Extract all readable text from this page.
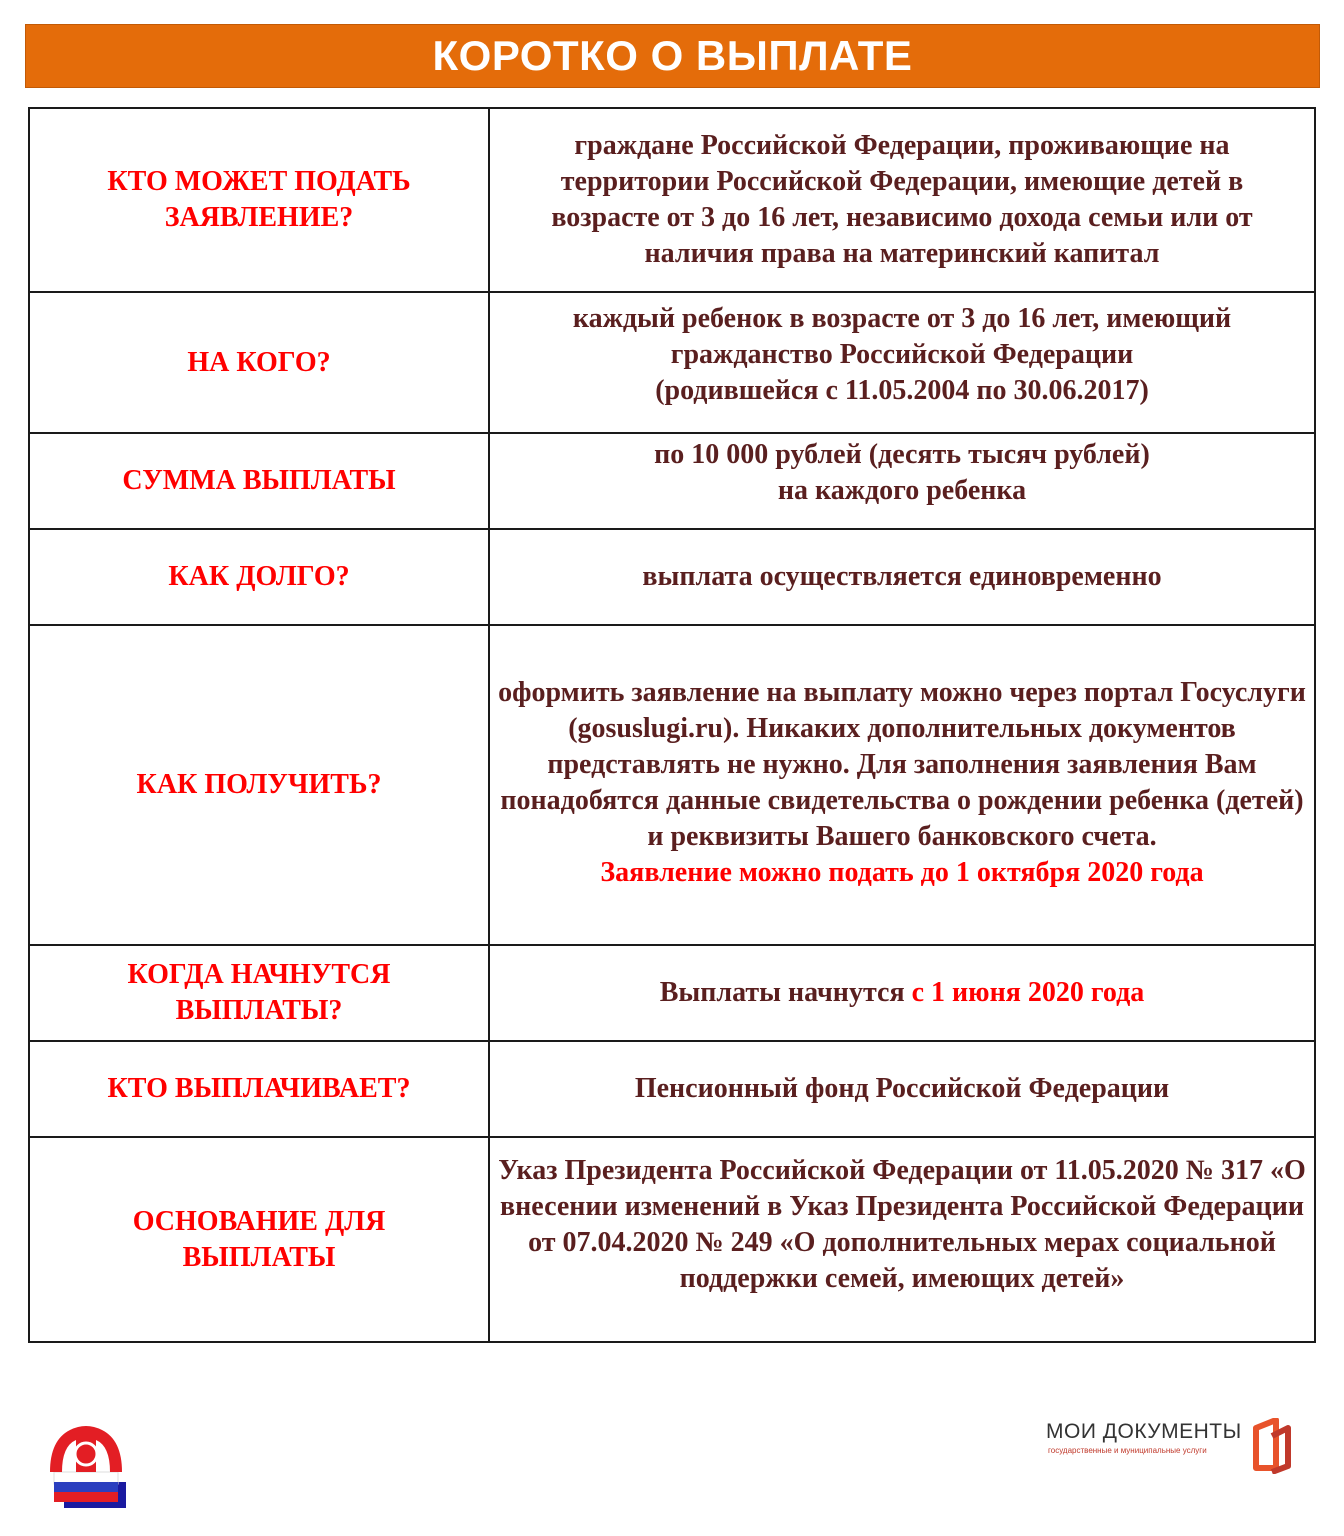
КОРОТКО О ВЫПЛАТЕ
КТО МОЖЕТ ПОДАТЬ ЗАЯВЛЕНИЕ?	граждане Российской Федерации, проживающие на территории Российской Федерации, имеющие детей в возрасте от 3 до 16 лет, независимо дохода семьи или от наличия права на материнский капитал
НА КОГО?	каждый ребенок в возрасте от 3 до 16 лет, имеющий гражданство Российской Федерации
(родившейся с 11.05.2004 по 30.06.2017)

СУММА ВЫПЛАТЫ	по 10 000 рублей (десять тысяч рублей)
на каждого ребенка

КАК ДОЛГО?	выплата осуществляется единовременно
КАК ПОЛУЧИТЬ?	оформить заявление на выплату можно через портал Госуслуги (gosuslugi.ru). Никаких дополнительных документов представлять не нужно. Для заполнения заявления Вам понадобятся данные свидетельства о рождении ребенка (детей) и реквизиты Вашего банковского счета.
Заявление можно подать до 1 октября 2020 года

КОГДА НАЧНУТСЯ ВЫПЛАТЫ?	Выплаты начнутся с 1 июня 2020 года
КТО ВЫПЛАЧИВАЕТ?	Пенсионный фонд Российской Федерации
ОСНОВАНИЕ ДЛЯ ВЫПЛАТЫ	Указ Президента Российской Федерации от 11.05.2020 № 317 «О внесении изменений в Указ Президента Российской Федерации от 07.04.2020 № 249 «О дополнительных мерах социальной поддержки семей, имеющих детей»
МОИ ДОКУМЕНТЫ
государственные и муниципальные услуги
